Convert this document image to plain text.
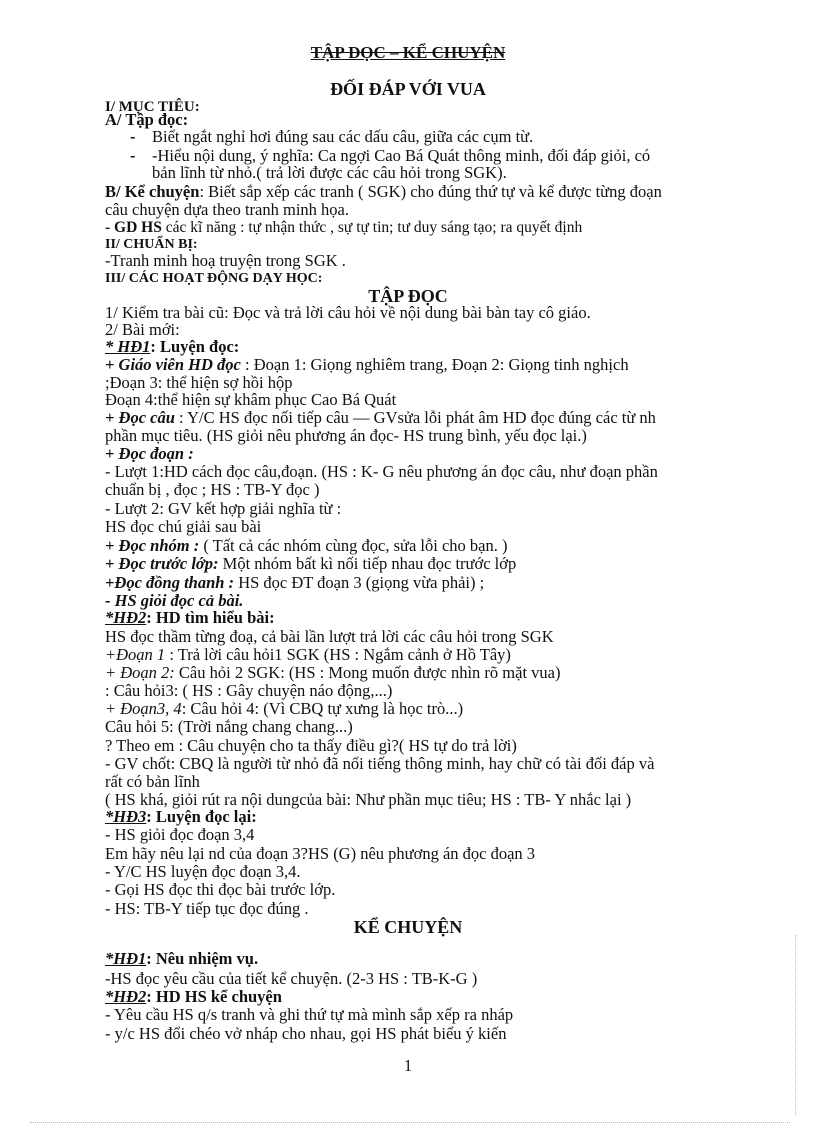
TẬP ĐỌC – KỂ CHUYỆN
ĐỐI ĐÁP VỚI VUA
I/ MỤC TIÊU:
A/ Tập đọc:
- Biết ngắt nghỉ hơi đúng sau các dấu câu, giữa các cụm từ.
- -Hiểu nội dung, ý nghĩa: Ca ngợi Cao Bá Quát thông minh, đối đáp giỏi, có
bản lĩnh từ nhỏ.( trả lời được các câu hỏi trong SGK).
B/ Kể chuyện: Biết sắp xếp các tranh ( SGK) cho đúng thứ tự và kể được từng đoạn
câu chuyện dựa theo tranh minh họa.
- GD HS các kĩ năng : tự nhận thức , sự tự tin; tư duy sáng tạo; ra quyết định
II/ CHUẨN BỊ:
-Tranh minh hoạ truyện trong SGK .
III/ CÁC HOẠT ĐỘNG DẠY HỌC:
TẬP ĐỌC
1/ Kiểm tra bài cũ: Đọc và trả lời câu hỏi về nội dung bài bàn tay cô giáo.
2/ Bài mới:
* HĐ1: Luyện đọc:
+ Giáo viên HD đọc : Đoạn 1: Giọng nghiêm trang, Đoạn 2: Giọng tinh nghịch
;Đoạn 3: thể hiện sợ hồi hộp
Đoạn 4:thể hiện sự khâm phục Cao Bá Quát
+ Đọc câu : Y/C HS đọc nối tiếp câu — GVsửa lỗi phát âm HD đọc đúng các từ nh
phần mục tiêu. (HS giỏi nêu phương án đọc- HS trung bình, yếu đọc lại.)
+ Đọc đoạn :
- Lượt 1:HD cách đọc câu,đoạn. (HS : K- G nêu phương án đọc câu, như đoạn phần
chuẩn bị , đọc ; HS : TB-Y đọc )
- Lượt 2: GV kết hợp giải nghĩa từ :
HS đọc chú giải sau bài
+ Đọc nhóm : ( Tất cả các nhóm cùng đọc, sửa lỗi cho bạn. )
+ Đọc trước lớp: Một nhóm bất kì nối tiếp nhau đọc trước lớp
+Đọc đồng thanh : HS đọc ĐT đoạn 3 (giọng vừa phải) ;
- HS giỏi đọc cả bài.
*HĐ2: HD tìm hiểu bài:
HS đọc thầm từng đoạ, cả bài lần lượt trả lời các câu hỏi trong SGK
+Đoạn 1 : Trả lời câu hỏi1 SGK (HS : Ngắm cảnh ở Hồ Tây)
+ Đoạn 2: Câu hỏi 2 SGK: (HS : Mong muốn được nhìn rõ mặt vua)
: Câu hỏi3: ( HS : Gây chuyện náo động,...)
+ Đoạn3, 4: Câu hỏi 4: (Vì CBQ tự xưng là học trò...)
Câu hỏi 5: (Trời nắng chang chang...)
? Theo em : Câu chuyện cho ta thấy điều gì?( HS tự do trả lời)
- GV chốt: CBQ là người từ nhỏ đã nổi tiếng thông minh, hay chữ có tài đối đáp và
rất có bản lĩnh
( HS khá, giỏi rút ra nội dungcủa bài: Như phần mục tiêu; HS : TB- Y nhắc lại )
*HĐ3: Luyện đọc lại:
- HS giỏi đọc đoạn 3,4
Em hãy nêu lại nd của đoạn 3?HS (G) nêu phương án đọc đoạn 3
- Y/C HS luyện đọc đoạn 3,4.
- Gọi HS đọc thi đọc bài trước lớp.
- HS: TB-Y tiếp tục đọc đúng .
KỂ CHUYỆN
*HĐ1: Nêu nhiệm vụ.
-HS đọc yêu cầu của tiết kể chuyện. (2-3 HS : TB-K-G )
*HĐ2: HD HS kể chuyện
- Yêu cầu HS q/s tranh và ghi thứ tự mà mình sắp xếp ra nháp
- y/c HS đổi chéo vở nháp cho nhau, gọi HS phát biểu ý kiến
1
